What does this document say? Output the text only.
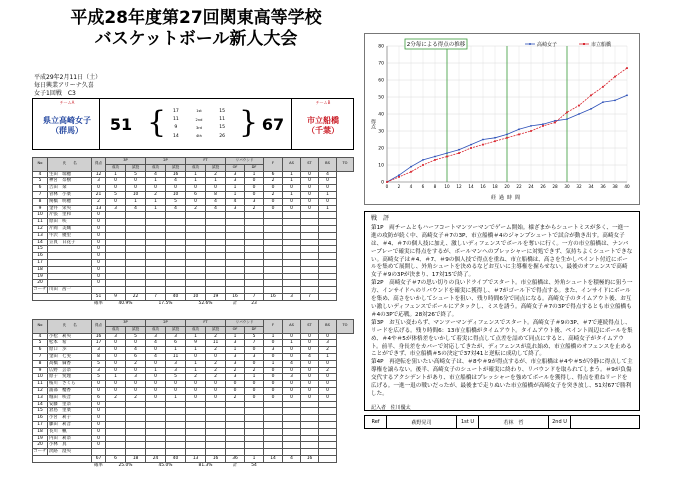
平成28年度第27回関東高等学校
バスケットボール新人大会
平成29年2月11日（土）
毎日興業アリーナ久喜
女子1回戦　C3
チームA
県立高崎女子
（群馬）	51 { 17	1st	15
11	2nd	11
9	3rd	15
14	4th	26 } 67
チームB
市立船橋
（千葉）
No	氏　　名	得点	3P		2P		FT		リバウンド		F	AS	ST	BS	TO
			成功	試投	成功	試投	成功	試投	OF	DF					
4	生田　瑞穂	12	1	5	4	16	1	2	3	1	6	1	0	4	
5	神宮　奈樹	3	0	0	1	4	1	1	3	0	2	1	0	0	
6	吉田　栞	0	0	0	0	0	0	0	1	0	0	0	0	0	
7	菅林　小菜	21	5	10	2	10	6	8	1	0	2	1	0	1	
8	関橋　明穂	2	0	1	1	5	0	4	4	3	0	0	0	0	
9	金井　栄央	13	3	4	1	4	2	4	3	2	0	0	0	1	
10	片張　里和	0													
11	原田　咲	0													
12	片岡　美織	0													
13	牛沢　優里	0													
14	笠貫　日花子	0													
15		0													
16		0													
17		0													
18		0													
19		0													
20		0													
コーチ	川田　茜一														
		51	9	22	7	40	10	19	16	7	16	3	7		
		確率	40.9%		17.5%		52.6%		計	23					
No	氏　　名	得点	3P		2P		FT		リバウンド		F	AS	ST	BS	TO
			成功	試投	成功	試投	成功	試投	OF	DF					
4	小松　莉央	16	3	5	3	3	1	2	1	5	1	0	0	0	
5	松本　希	17	0	0	4	6	9	11	3	7	0	1	0	3	
6	原口　歩	3	0	4	0	1	1	2	1	0	3	0	0	2	
7	金田　七実	8	0	6	4	11	0	0	3	3	0	0	4	1	
8	高橋　倫香	5	0	2	0	3	1	2	3	0	1	4	0	0	
9	広野　芸奈	3	0	0	1	3	1	2	2	2	0	0	0	2	
10	原子　愛理	5	1	3	0	5	2	2	3	1	0	3	0	0	
11	桜川　さくら	0	0	0	0	0	0	0	0	0	0	0	0	0	
12	浦部　櫻香	0	0	0	0	0	0	0	0	0	0	0	0	0	
13	堀田　咲音	6	2	2	0	1	0	0	2	0	0	0	0	0	
14	安藤　里奈	0													
15	倉島　里菜	0													
16	小宮　莉子	0													
17	藤田　莉音	0													
18	長川　楓	0													
19	内田　莉奈	0													
20	小林　真	0													
コーチ	淡路　澄央														
		67	6	18	24	40	13	16	36	1	14	4	16		
		確率	25.0%		45.0%		81.3%		計	54					
0
10
20
30
40
50
60
70
80
0 2 4 6 8 10 12 14 16 18 20 22 24 26 28 30 32 34 36 38 40
得点
経過時間
2分毎による得点の推移	高崎女子	市立船橋
戦　評

第1P　両チームともハーフコートマンツーマンでゲーム開始。様ざまからシュートミスが多く、一進一進の攻防が続く中、高崎女子＃7の3P、市立船橋＃4のジャンプシュートで試合が動き出す。高崎女子は、＃4、＃7の個人技に加え、激しいディフェンスでボールを奪いに行く。一方の市立船橋は、ナンバープレーで確実に得点をするが、ボールマンへのプレッシャーに対処できず、気持ちよくシュートできない。高崎女子は＃4、＃7、＃9の個人技で得点を重ね、市立船橋は、高さを生かしペイント付近にボールを集めて展開し、外角シュートを決めるなどお互いに主導権を握らせない。最後のオフェンスで高崎女子＃9の3Pが決まり、17対15で終了。

第2P　高崎女子＃7の思い切りの良いドライブでスタート。市立船橋は、外角シュートを積極的に狙う一方、インサイドへのリバウンドを確実に獲得し、＃7がゴール下で得点する。また、インサイドにボールを集め、高さをいかしてシュートを狙い、残り時間6分で同点になる。高崎女子のタイムアウト後、お互い激しいディフェンスでボールにアタックし、ミスを誘う。高崎女子＃7の3Pで得点するとも市立船橋も＃4の3Pで応戦。28対26で終了。

第3P　お互い変わらず、マンツーマンディフェンスでスタート。高崎女子＃9の3P、＃7で連続得点し、リードを広げる。残り時間6：13市立船橋がタイムアウト。タイムアウト後、ペイント周辺にボールを集め、＃4や＃5が体格差をいかして着実に得点して点差を詰めて同点にすると、高崎女子がタイムアウト。前半、身長差をカバーで対応してきたが、ディフェンスが乱れ始め、市立船橋のオフェンスを止めることができず、市立船橋＃5の決定で37対41と逆転に成功して終了。

第4P　再逆転を狙いたい高崎女子は、＃8や＃9が得点するが、市立船橋は＃4や＃5が冷静に得点して主導権を譲らない。後半、高崎女子のシュートが確実に終わり、リバウンドを取られてしまう。＃9が負傷交代するアクシデントがあり、市立船橋はプレッシャーを強めてボールを獲得し、得点を重ねリードを広げる。一進一退の戦いだったが、最後まで走りぬいた市立船橋が高崎女子を突き放し、51対67で勝利した。

記入者 佐川優太
Ref	萩野晃司	1st U	若林　哲	2nd U
